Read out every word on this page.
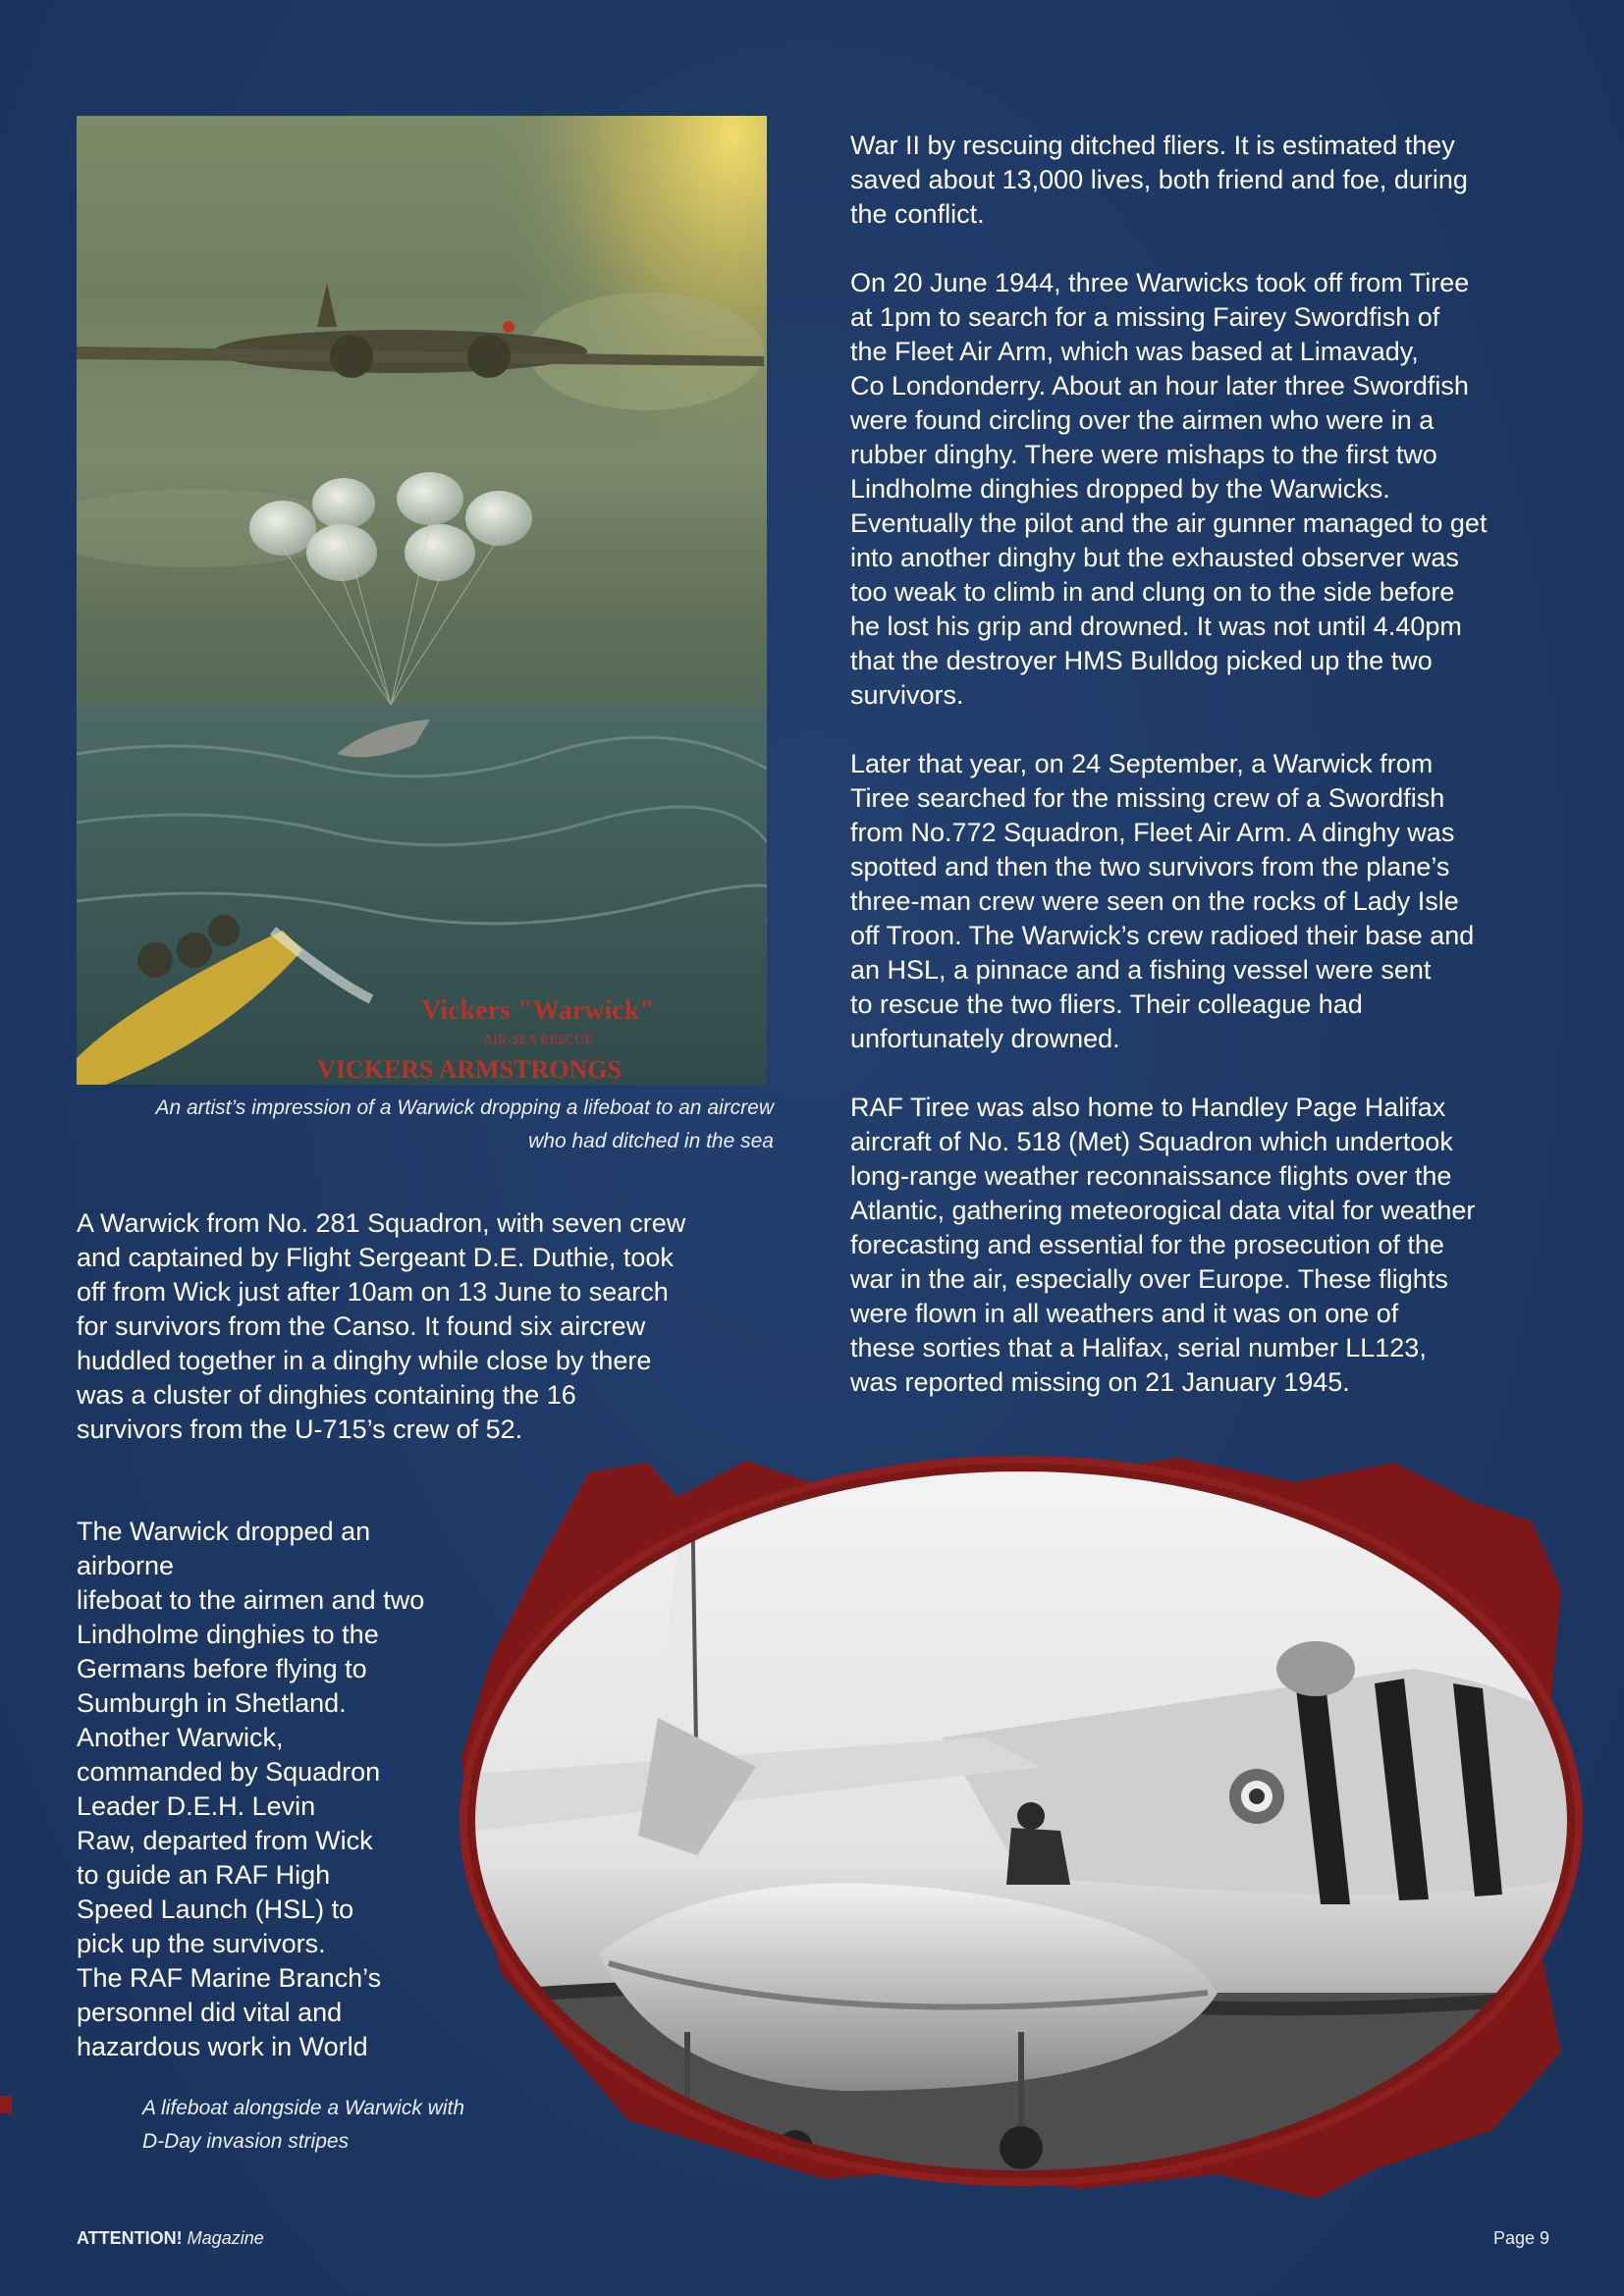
Vickers "Warwick"
AIR-SEA RESCUE
VICKERS ARMSTRONGS
An artist’s impression of a Warwick dropping a lifeboat to an aircrew
who had ditched in the sea

War II by rescuing ditched fliers. It is estimated they
saved about 13,000 lives, both friend and foe, during
the conflict.

On 20 June 1944, three Warwicks took off from Tiree
at 1pm to search for a missing Fairey Swordfish of
the Fleet Air Arm, which was based at Limavady,
Co Londonderry. About an hour later three Swordfish
were found circling over the airmen who were in a
rubber dinghy. There were mishaps to the first two
Lindholme dinghies dropped by the Warwicks.
Eventually the pilot and the air gunner managed to get
into another dinghy but the exhausted observer was
too weak to climb in and clung on to the side before
he lost his grip and drowned. It was not until 4.40pm
that the destroyer HMS Bulldog picked up the two
survivors.

Later that year, on 24 September, a Warwick from
Tiree searched for the missing crew of a Swordfish
from No.772 Squadron, Fleet Air Arm. A dinghy was
spotted and then the two survivors from the plane’s
three-man crew were seen on the rocks of Lady Isle
off Troon. The Warwick’s crew radioed their base and
an HSL, a pinnace and a fishing vessel were sent
to rescue the two fliers. Their colleague had
unfortunately drowned.

RAF Tiree was also home to Handley Page Halifax
aircraft of No. 518 (Met) Squadron which undertook
long-range weather reconnaissance flights over the
Atlantic, gathering meteorogical data vital for weather
forecasting and essential for the prosecution of the
war in the air, especially over Europe. These flights
were flown in all weathers and it was on one of
these sorties that a Halifax, serial number LL123,
was reported missing on 21 January 1945.

A Warwick from No. 281 Squadron, with seven crew
and captained by Flight Sergeant D.E. Duthie, took
off from Wick just after 10am on 13 June to search
for survivors from the Canso. It found six aircrew
huddled together in a dinghy while close by there
was a cluster of dinghies containing the 16
survivors from the U-715’s crew of 52.

The Warwick dropped an airborne
lifeboat to the airmen and two
Lindholme dinghies to the
Germans before flying to
Sumburgh in Shetland.
Another Warwick,
commanded by Squadron
Leader D.E.H. Levin
Raw, departed from Wick
to guide an RAF High
Speed Launch (HSL) to
pick up the survivors.
The RAF Marine Branch’s
personnel did vital and
hazardous work in World

A lifeboat alongside a Warwick with
D-Day invasion stripes
ATTENTION! Magazine	Page 9
